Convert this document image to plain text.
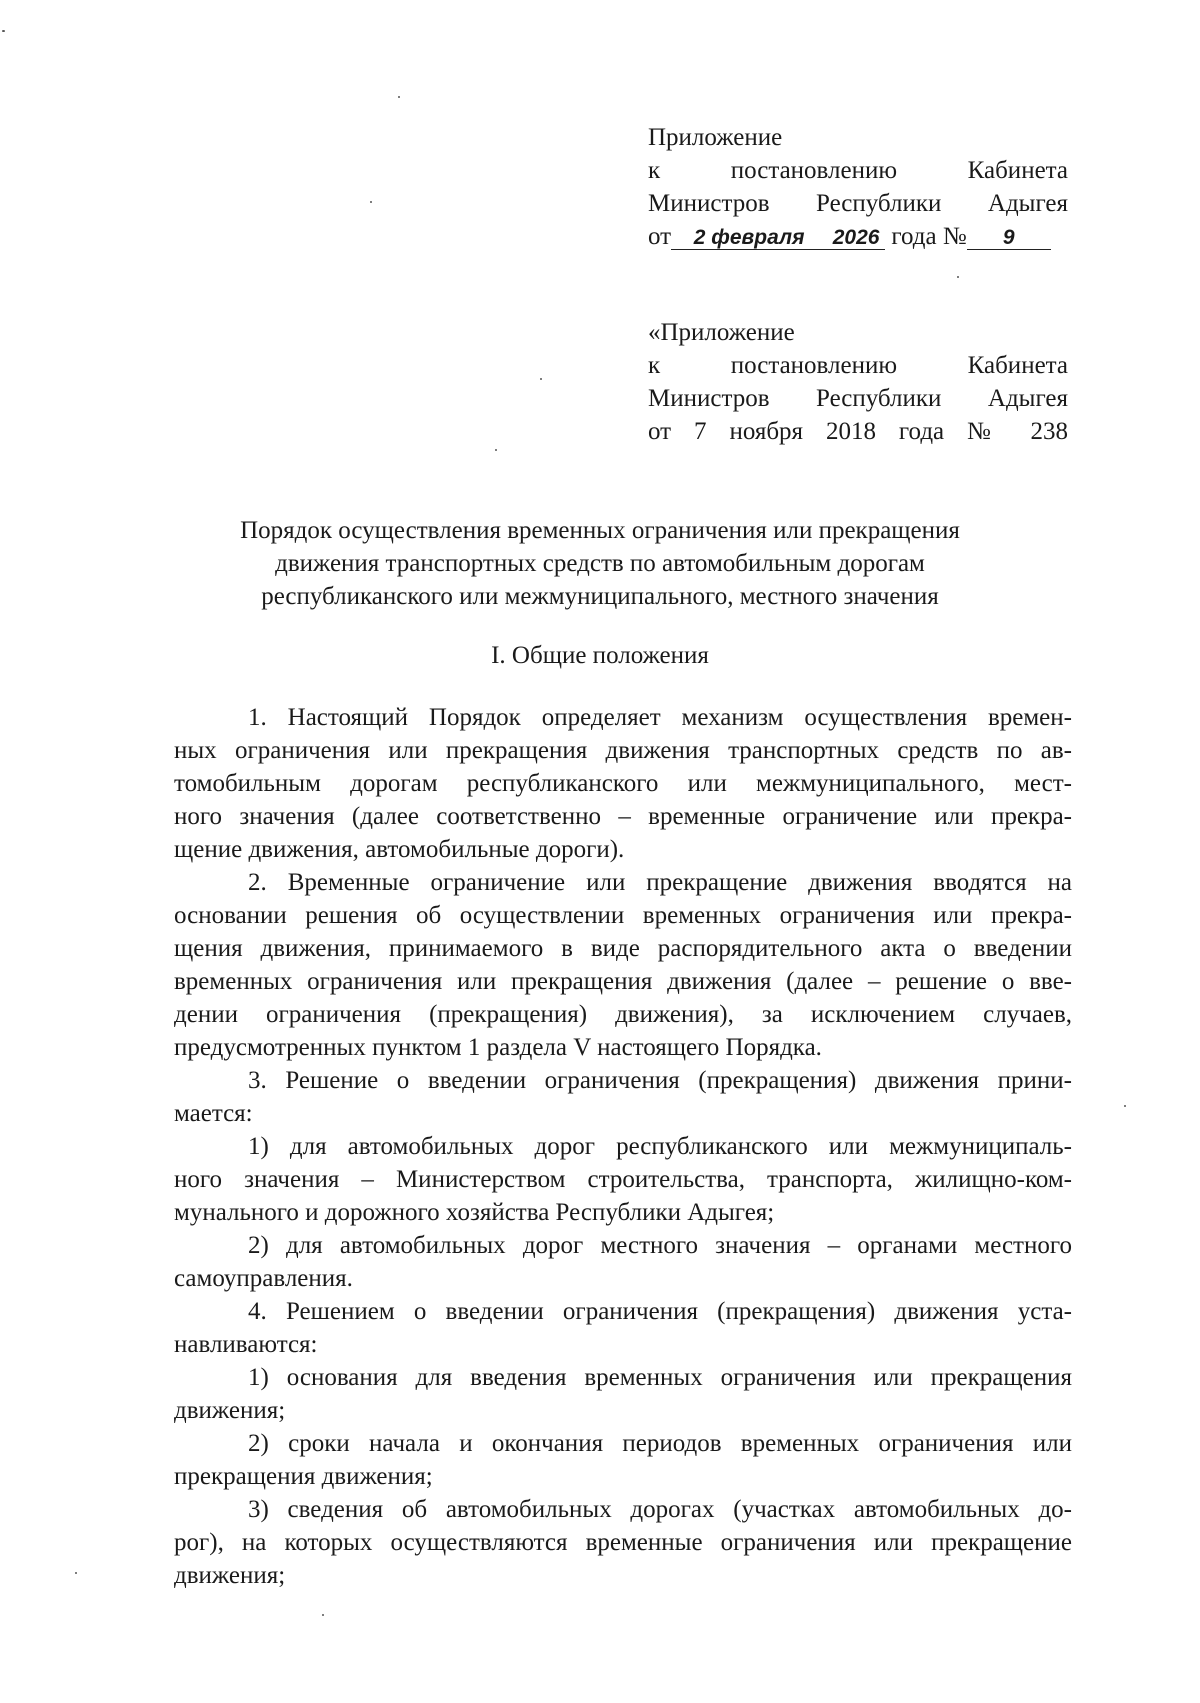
Приложение
к постановлению Кабинета
Министров Республики Адыгея
от 2 февраля 2026 года № 9
«Приложение
к постановлению Кабинета
Министров Республики Адыгея
от 7 ноября 2018 года № 238
Порядок осуществления временных ограничения или прекращения
движения транспортных средств по автомобильным дорогам
республиканского или межмуниципального, местного значения
I. Общие положения
1. Настоящий Порядок определяет механизм осуществления времен-
ных ограничения или прекращения движения транспортных средств по ав-
томобильным дорогам республиканского или межмуниципального, мест-
ного значения (далее соответственно – временные ограничение или прекра-
щение движения, автомобильные дороги).
2. Временные ограничение или прекращение движения вводятся на
основании решения об осуществлении временных ограничения или прекра-
щения движения, принимаемого в виде распорядительного акта о введении
временных ограничения или прекращения движения (далее – решение о вве-
дении ограничения (прекращения) движения), за исключением случаев,
предусмотренных пунктом 1 раздела V настоящего Порядка.
3. Решение о введении ограничения (прекращения) движения прини-
мается:
1) для автомобильных дорог республиканского или межмуниципаль-
ного значения – Министерством строительства, транспорта, жилищно-ком-
мунального и дорожного хозяйства Республики Адыгея;
2) для автомобильных дорог местного значения – органами местного
самоуправления.
4. Решением о введении ограничения (прекращения) движения уста-
навливаются:
1) основания для введения временных ограничения или прекращения
движения;
2) сроки начала и окончания периодов временных ограничения или
прекращения движения;
3) сведения об автомобильных дорогах (участках автомобильных до-
рог), на которых осуществляются временные ограничения или прекращение
движения;
